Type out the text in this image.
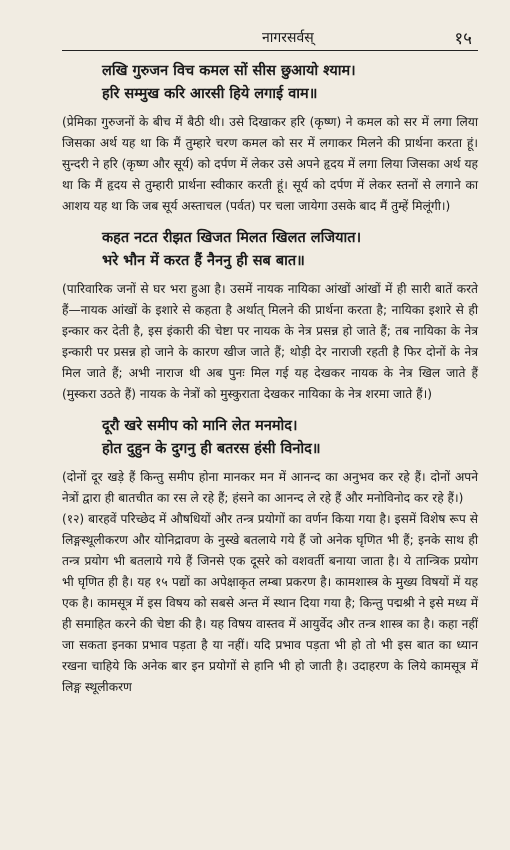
नागरसर्वस्	१५
लखि गुरुजन विच कमल सों सीस छुआयो श्याम।
हरि सम्मुख करि आरसी हिये लगाई वाम॥

(प्रेमिका गुरुजनों के बीच में बैठी थी। उसे दिखाकर हरि (कृष्ण) ने कमल को सर में लगा लिया जिसका अर्थ यह था कि मैं तुम्हारे चरण कमल को सर में लगाकर मिलने की प्रार्थना करता हूं। सुन्दरी ने हरि (कृष्ण और सूर्य) को दर्पण में लेकर उसे अपने हृदय में लगा लिया जिसका अर्थ यह था कि मैं हृदय से तुम्हारी प्रार्थना स्वीकार करती हूं। सूर्य को दर्पण में लेकर स्तनों से लगाने का आशय यह था कि जब सूर्य अस्ताचल (पर्वत) पर चला जायेगा उसके बाद मैं तुम्हें मिलूंगी।)

कहत नटत रीझत खिजत मिलत खिलत लजियात।
भरे भौन में करत हैं नैननु ही सब बात॥

(पारिवारिक जनों से घर भरा हुआ है। उसमें नायक नायिका आंखों आंखों में ही सारी बातें करते हैं—नायक आंखों के इशारे से कहता है अर्थात् मिलने की प्रार्थना करता है; नायिका इशारे से ही इन्कार कर देती है, इस इंकारी की चेष्टा पर नायक के नेत्र प्रसन्न हो जाते हैं; तब नायिका के नेत्र इन्कारी पर प्रसन्न हो जाने के कारण खीज जाते हैं; थोड़ी देर नाराजी रहती है फिर दोनों के नेत्र मिल जाते हैं; अभी नाराज थी अब पुनः मिल गई यह देखकर नायक के नेत्र खिल जाते हैं (मुस्करा उठते हैं) नायक के नेत्रों को मुस्कुराता देखकर नायिका के नेत्र शरमा जाते हैं।)

दूरौ खरे समीप को मानि लेत मनमोद।
होत दुहुन के दुगनु ही बतरस हंसी विनोद॥

(दोनों दूर खड़े हैं किन्तु समीप होना मानकर मन में आनन्द का अनुभव कर रहे हैं। दोनों अपने नेत्रों द्वारा ही बातचीत का रस ले रहे हैं; हंसने का आनन्द ले रहे हैं और मनोविनोद कर रहे हैं।)

(१२) बारहवें परिच्छेद में औषधियों और तन्त्र प्रयोगों का वर्णन किया गया है। इसमें विशेष रूप से लिङ्गस्थूलीकरण और योनिद्रावण के नुस्खे बतलाये गये हैं जो अनेक घृणित भी हैं; इनके साथ ही तन्त्र प्रयोग भी बतलाये गये हैं जिनसे एक दूसरे को वशवर्ती बनाया जाता है। ये तान्त्रिक प्रयोग भी घृणित ही है। यह १५ पद्यों का अपेक्षाकृत लम्बा प्रकरण है। कामशास्त्र के मुख्य विषयों में यह एक है। कामसूत्र में इस विषय को सबसे अन्त में स्थान दिया गया है; किन्तु पद्मश्री ने इसे मध्य में ही समाहित करने की चेष्टा की है। यह विषय वास्तव में आयुर्वेद और तन्त्र शास्त्र का है। कहा नहीं जा सकता इनका प्रभाव पड़ता है या नहीं। यदि प्रभाव पड़ता भी हो तो भी इस बात का ध्यान रखना चाहिये कि अनेक बार इन प्रयोगों से हानि भी हो जाती है। उदाहरण के लिये कामसूत्र में लिङ्ग स्थूलीकरण
